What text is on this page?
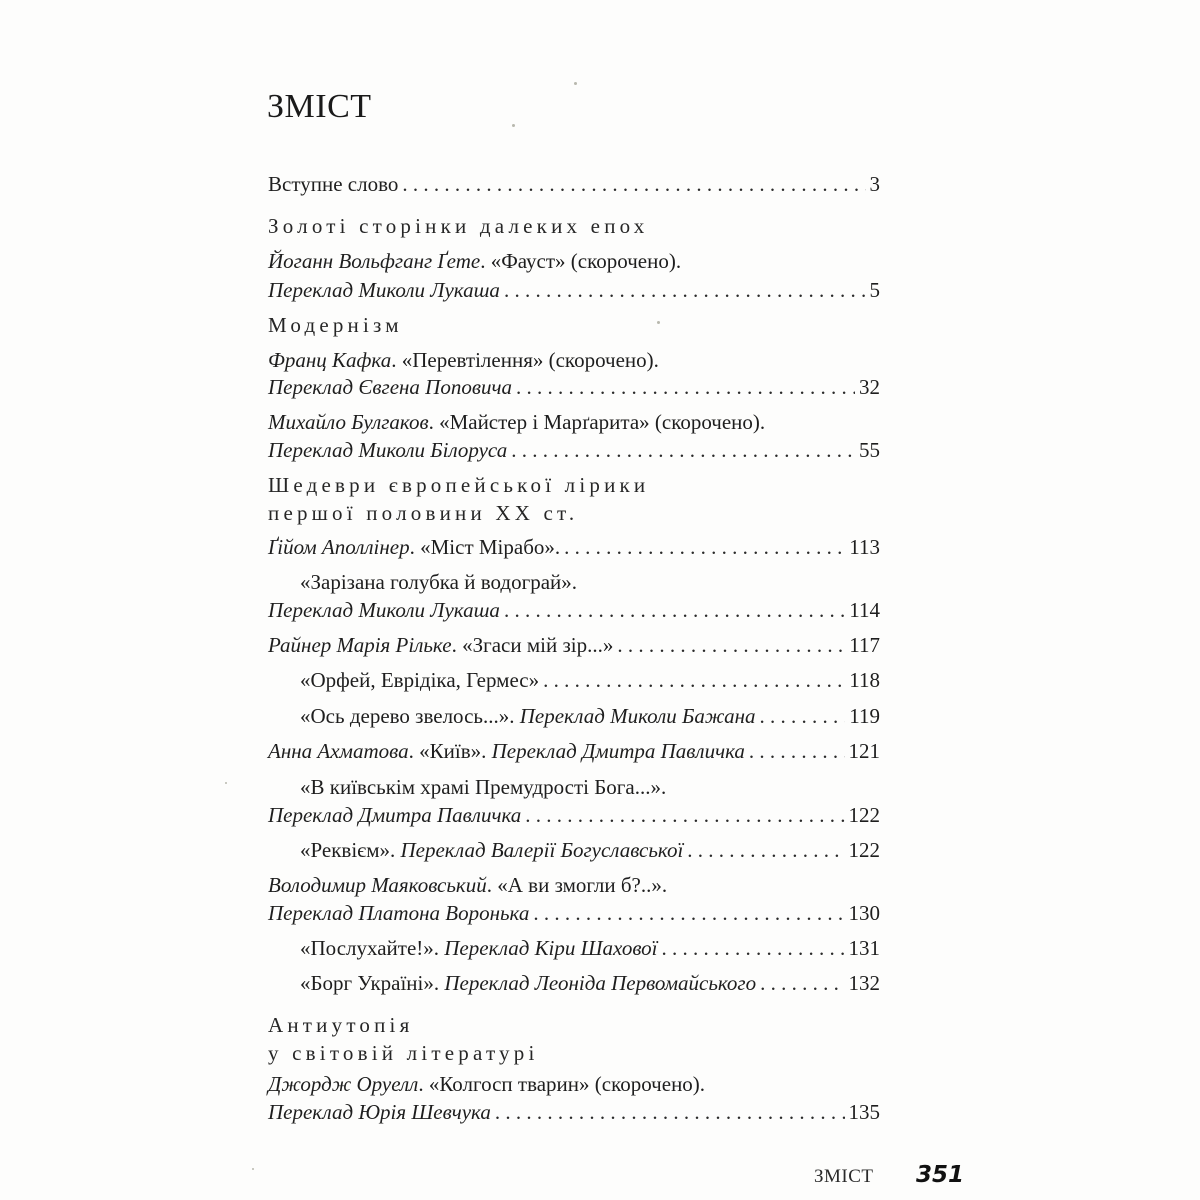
ЗМІСТ
Вступне слово . . .	3
Золоті сторінки далеких епох
Йоганн Вольфганг Ґете. «Фауст» (скорочено).
Переклад Миколи Лукаша . . .	5
Модернізм
Франц Кафка. «Перевтілення» (скорочено).
Переклад Євгена Поповича . . .	32
Михайло Булгаков. «Майстер і Марґарита» (скорочено).
Переклад Миколи Білоруса . . .	55
Шедеври європейської лірики
першої половини XX ст.
Ґійом Аполлінер. «Міст Мірабо». . . .	113
«Зарізана голубка й водограй».
Переклад Миколи Лукаша . . .	114
Райнер Марія Рільке. «Згаси мій зір...» . . .	117
«Орфей, Еврідіка, Гермес» . . .	118
«Ось дерево звелось...». Переклад Миколи Бажана . . .	119
Анна Ахматова. «Київ». Переклад Дмитра Павличка . . .	121
«В київськім храмі Премудрості Бога...».
Переклад Дмитра Павличка . . .	122
«Реквієм». Переклад Валерії Богуславської . . .	122
Володимир Маяковський. «А ви змогли б?..».
Переклад Платона Воронька . . .	130
«Послухайте!». Переклад Кіри Шахової . . .	131
«Борг Україні». Переклад Леоніда Первомайського . . .	132
Антиутопія
у світовій літературі
Джордж Оруелл. «Колгосп тварин» (скорочено).
Переклад Юрія Шевчука . . .	135
ЗМІСТ 351
